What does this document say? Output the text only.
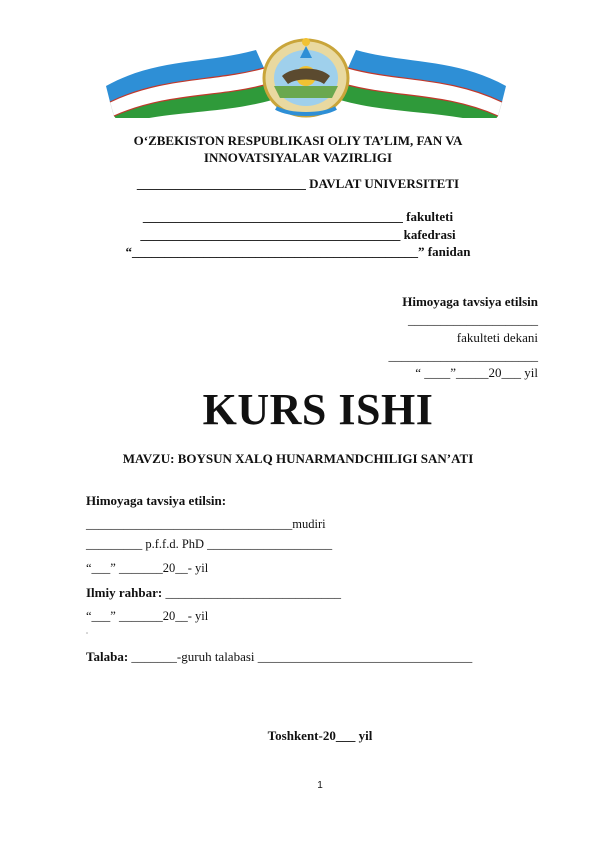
O‘ZBEKISTON RESPUBLIKASI OLIY TA’LIM, FAN VA
INNOVATSIYALAR VAZIRLIGI
__________________________ DAVLAT UNIVERSITETI
________________________________________ fakulteti
________________________________________ kafedrasi
“____________________________________________” fanidan
Himoyaga tavsiya etilsin
____________________
fakulteti dekani
_______________________
“ ____”_____20___ yil
KURS ISHI
MAVZU: BOYSUN XALQ HUNARMANDCHILIGI SAN’ATI
Himoyaga tavsiya etilsin:
_________________________________mudiri
_________ p.f.f.d. PhD ____________________
“___” _______20__- yil
Ilmiy rahbar: ___________________________
“___” _______20__- yil
▫
Talaba: _______-guruh talabasi _________________________________
Toshkent-20___ yil
1
